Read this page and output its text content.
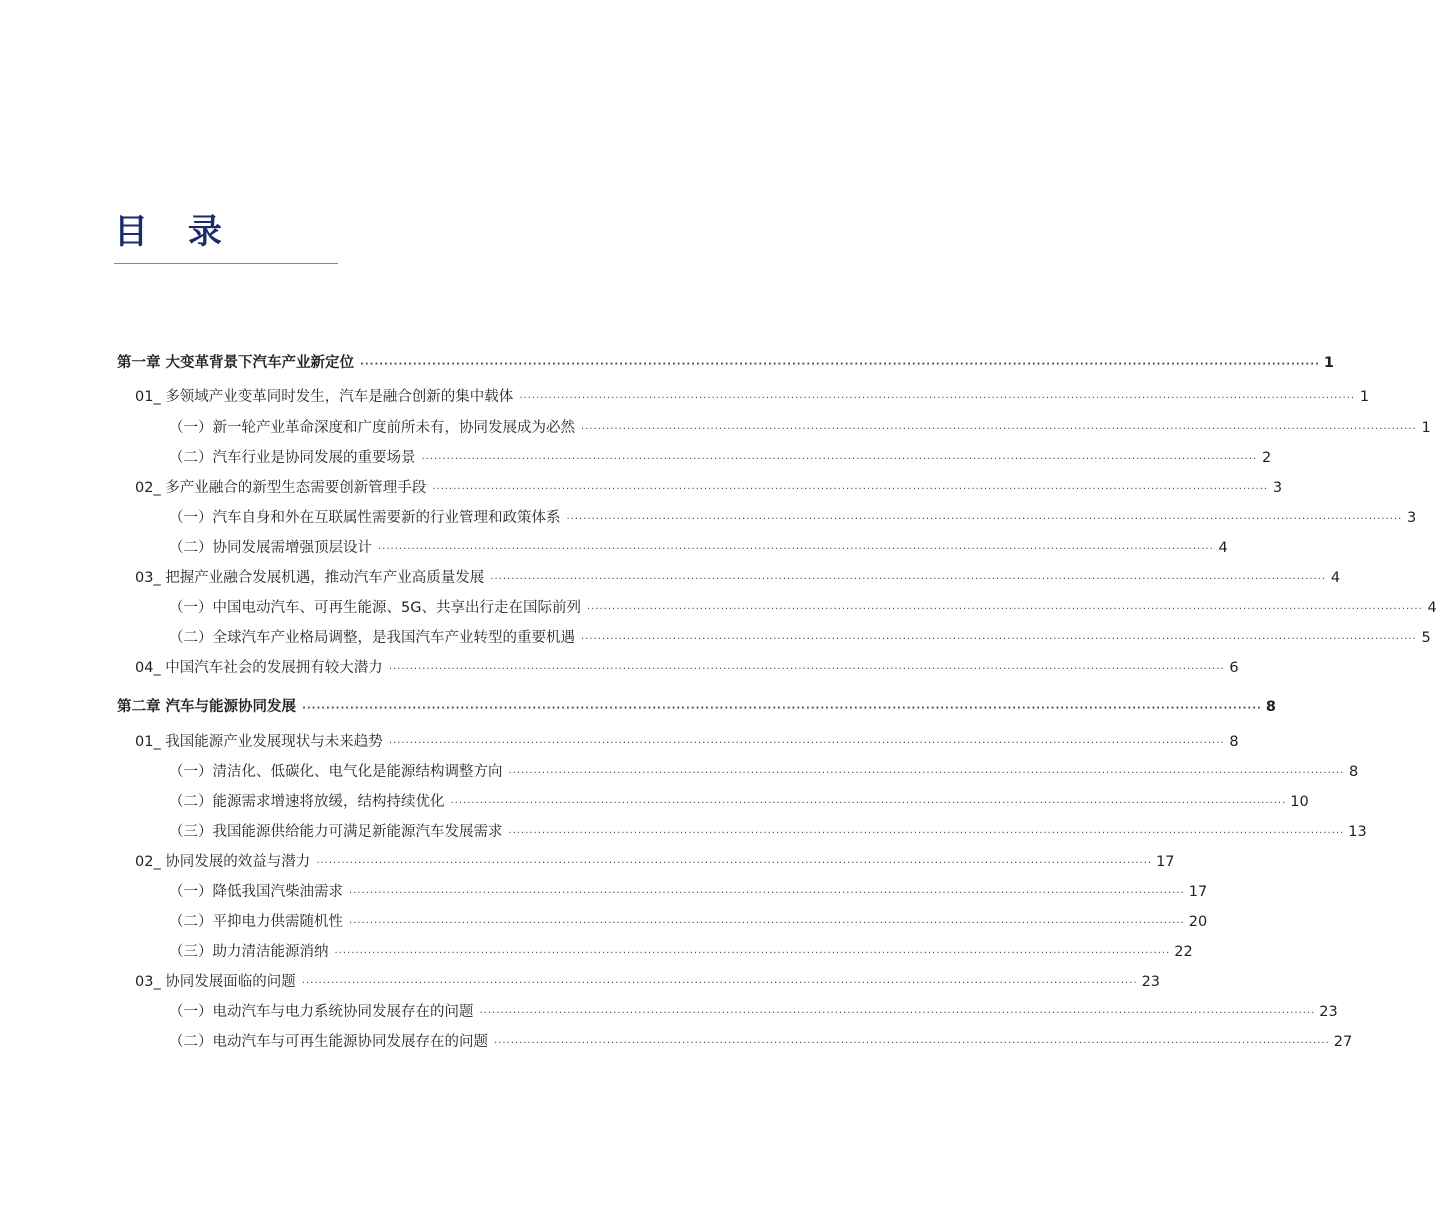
目 录
第一章 大变革背景下汽车产业新定位 ········································································································································································································ 1
01_ 多领域产业变革同时发生，汽车是融合创新的集中载体 ········································································································································································································ 1
（一）新一轮产业革命深度和广度前所未有，协同发展成为必然 ········································································································································································································ 1
（二）汽车行业是协同发展的重要场景 ········································································································································································································ 2
02_ 多产业融合的新型生态需要创新管理手段 ········································································································································································································ 3
（一）汽车自身和外在互联属性需要新的行业管理和政策体系 ········································································································································································································ 3
（二）协同发展需增强顶层设计 ········································································································································································································ 4
03_ 把握产业融合发展机遇，推动汽车产业高质量发展 ········································································································································································································ 4
（一）中国电动汽车、可再生能源、5G、共享出行走在国际前列 ········································································································································································································ 4
（二）全球汽车产业格局调整，是我国汽车产业转型的重要机遇 ········································································································································································································ 5
04_ 中国汽车社会的发展拥有较大潜力 ········································································································································································································ 6
第二章 汽车与能源协同发展 ········································································································································································································ 8
01_ 我国能源产业发展现状与未来趋势 ········································································································································································································ 8
（一）清洁化、低碳化、电气化是能源结构调整方向 ········································································································································································································ 8
（二）能源需求增速将放缓，结构持续优化 ········································································································································································································ 10
（三）我国能源供给能力可满足新能源汽车发展需求 ········································································································································································································ 13
02_ 协同发展的效益与潜力 ········································································································································································································ 17
（一）降低我国汽柴油需求 ········································································································································································································ 17
（二）平抑电力供需随机性 ········································································································································································································ 20
（三）助力清洁能源消纳 ········································································································································································································ 22
03_ 协同发展面临的问题 ········································································································································································································ 23
（一）电动汽车与电力系统协同发展存在的问题 ········································································································································································································ 23
（二）电动汽车与可再生能源协同发展存在的问题 ········································································································································································································ 27
